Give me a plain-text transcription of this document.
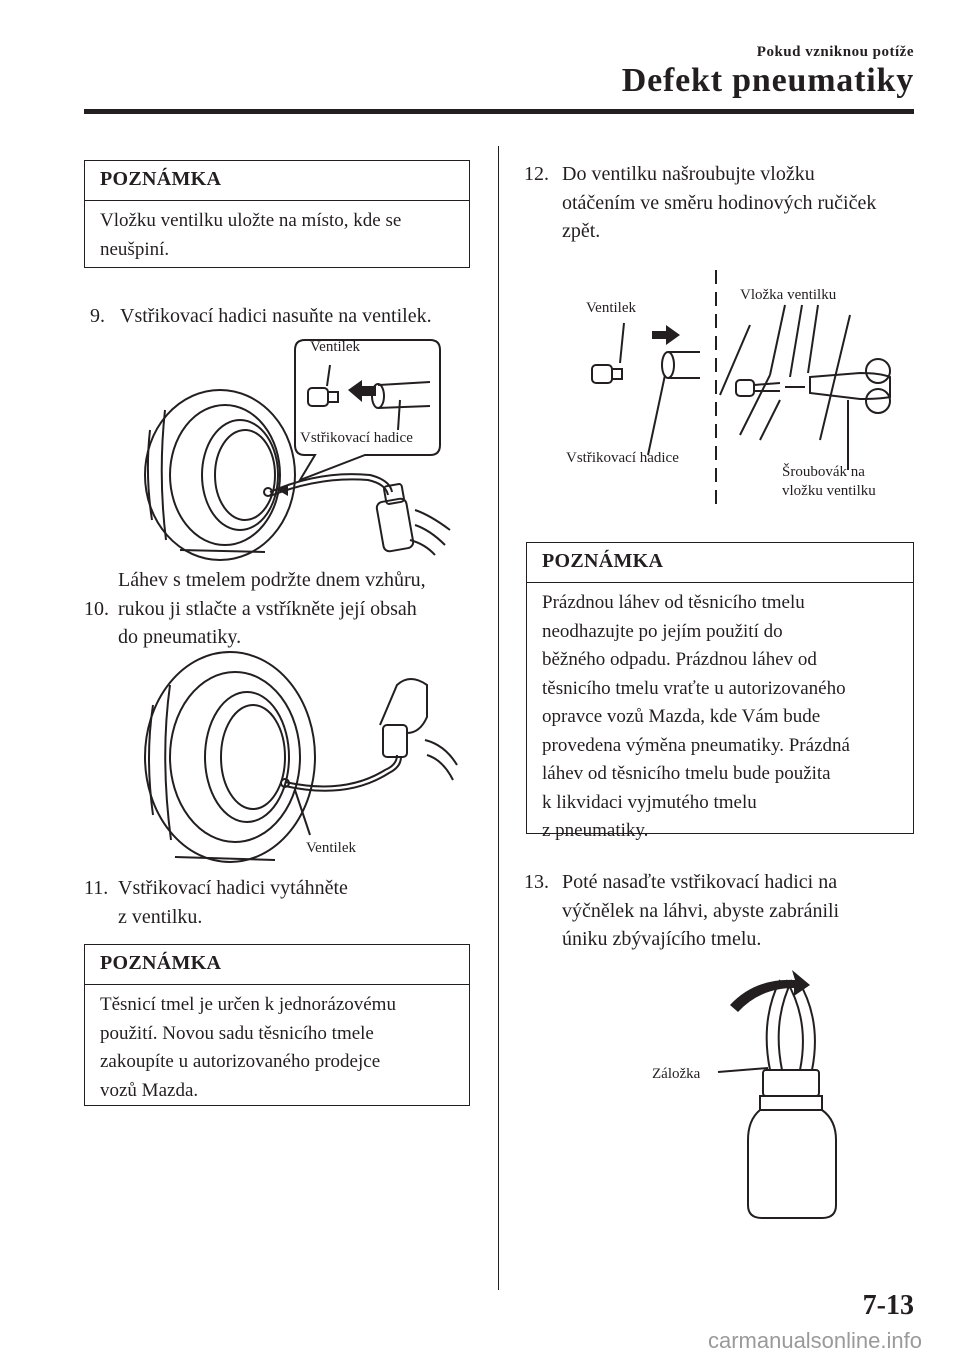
Pokud vzniknou potíže
Defekt pneumatiky
POZNÁMKA
Vložku ventilku uložte na místo, kde se
neušpiní.
9. Vstřikovací hadici nasuňte na ventilek.
Ventilek
Vstřikovací hadice

10.

Láhev s tmelem podržte dnem vzhůru,
rukou ji stlačte a vstříkněte její obsah
do pneumatiky.
Ventilek
11. Vstřikovací hadici vytáhněte
z ventilku.
POZNÁMKA
Těsnicí tmel je určen k jednorázovému
použití. Novou sadu těsnicího tmele
zakoupíte u autorizovaného prodejce
vozů Mazda.
12. Do ventilku našroubujte vložku
otáčením ve směru hodinových ručiček
zpět.
Ventilek
Vložka ventilku
Vstřikovací hadice
Šroubovák na
vložku ventilku
POZNÁMKA
Prázdnou láhev od těsnicího tmelu
neodhazujte po jejím použití do
běžného odpadu. Prázdnou láhev od
těsnicího tmelu vraťte u autorizovaného
opravce vozů Mazda, kde Vám bude
provedena výměna pneumatiky. Prázdná
láhev od těsnicího tmelu bude použita
k likvidaci vyjmutého tmelu
z pneumatiky.
13. Poté nasaďte vstřikovací hadici na
výčnělek na láhvi, abyste zabránili
úniku zbývajícího tmelu.
Záložka
7-13
carmanualsonline.info
